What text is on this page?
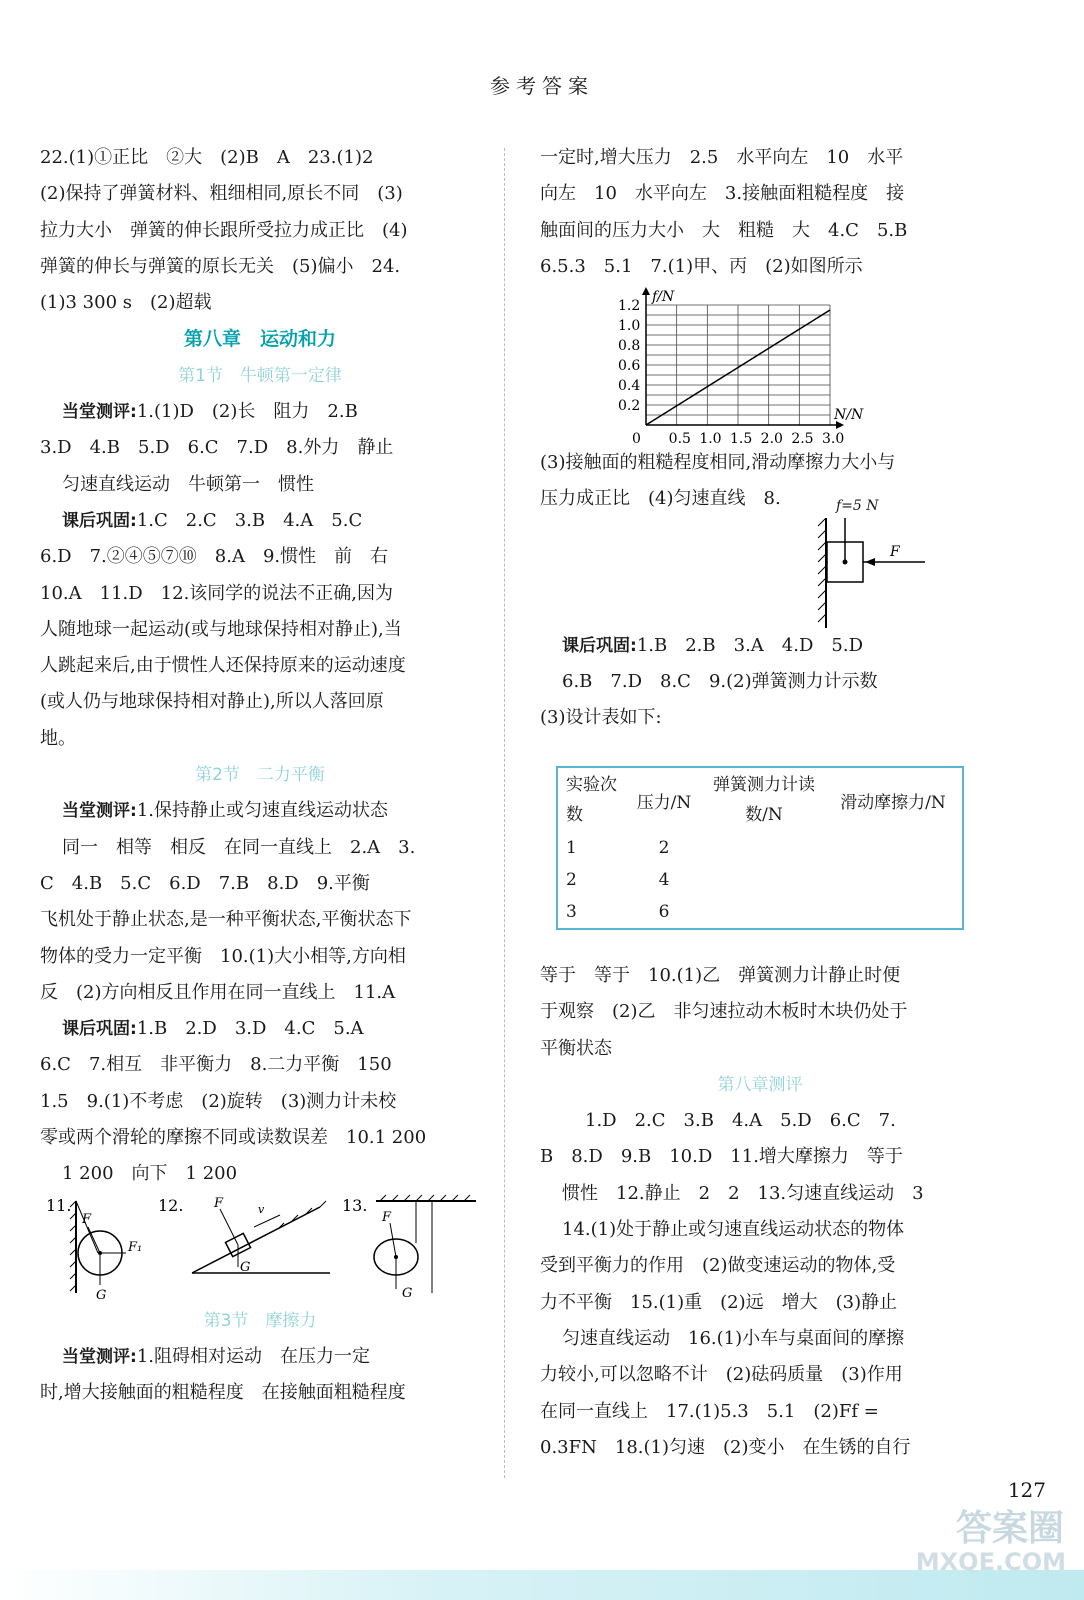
参考答案

22.(1)①正比　②大　(2)B　A　23.(1)2

(2)保持了弹簧材料、粗细相同,原长不同　(3)

拉力大小　弹簧的伸长跟所受拉力成正比　(4)

弹簧的伸长与弹簧的原长无关　(5)偏小　24.

(1)3 300 s　(2)超载

第八章　运动和力

第1节　牛顿第一定律

当堂测评:1.(1)D　(2)长　阻力　2.B

3.D　4.B　5.D　6.C　7.D　8.外力　静止

匀速直线运动　牛顿第一　惯性

课后巩固:1.C　2.C　3.B　4.A　5.C

6.D　7.②④⑤⑦⑩　8.A　9.惯性　前　右

10.A　11.D　12.该同学的说法不正确,因为

人随地球一起运动(或与地球保持相对静止),当

人跳起来后,由于惯性人还保持原来的运动速度

(或人仍与地球保持相对静止),所以人落回原

地。

第2节　二力平衡

当堂测评:1.保持静止或匀速直线运动状态

同一　相等　相反　在同一直线上　2.A　3.

C　4.B　5.C　6.D　7.B　8.D　9.平衡

飞机处于静止状态,是一种平衡状态,平衡状态下

物体的受力一定平衡　10.(1)大小相等,方向相

反　(2)方向相反且作用在同一直线上　11.A

课后巩固:1.B　2.D　3.D　4.C　5.A

6.C　7.相互　非平衡力　8.二力平衡　150

1.5　9.(1)不考虑　(2)旋转　(3)测力计未校

零或两个滑轮的摩擦不同或读数误差　10.1 200

1 200　向下　1 200

11.
F
F₁
G
12. F	v
G
13.
F
G

第3节　摩擦力

当堂测评:1.阻碍相对运动　在压力一定

时,增大接触面的粗糙程度　在接触面粗糙程度

一定时,增大压力　2.5　水平向左　10　水平

向左　10　水平向左　3.接触面粗糙程度　接

触面间的压力大小　大　粗糙　大　4.C　5.B

6.5.3　5.1　7.(1)甲、丙　(2)如图所示

0 0.5 1.0 1.5 2.0 2.5 3.0
0.2
0.4
0.6
0.8
1.0
1.2
N/N
f/N

(3)接触面的粗糙程度相同,滑动摩擦力大小与

压力成正比　(4)匀速直线　8.

F
f=5 N

课后巩固:1.B　2.B　3.A　4.D　5.D

6.B　7.D　8.C　9.(2)弹簧测力计示数

(3)设计表如下:

实验次数	压力/N	弹簧测力计读数/N	滑动摩擦力/N
1	2		
2	4		
3	6		

等于　等于　10.(1)乙　弹簧测力计静止时便

于观察　(2)乙　非匀速拉动木板时木块仍处于

平衡状态

第八章测评

1.D　2.C　3.B　4.A　5.D　6.C　7.

B　8.D　9.B　10.D　11.增大摩擦力　等于

惯性　12.静止　2　2　13.匀速直线运动　3

14.(1)处于静止或匀速直线运动状态的物体

受到平衡力的作用　(2)做变速运动的物体,受

力不平衡　15.(1)重　(2)远　增大　(3)静止

匀速直线运动　16.(1)小车与桌面间的摩擦

力较小,可以忽略不计　(2)砝码质量　(3)作用

在同一直线上　17.(1)5.3　5.1　(2)Ff =

0.3FN　18.(1)匀速　(2)变小　在生锈的自行

127
答案圈
MXQE.COM
